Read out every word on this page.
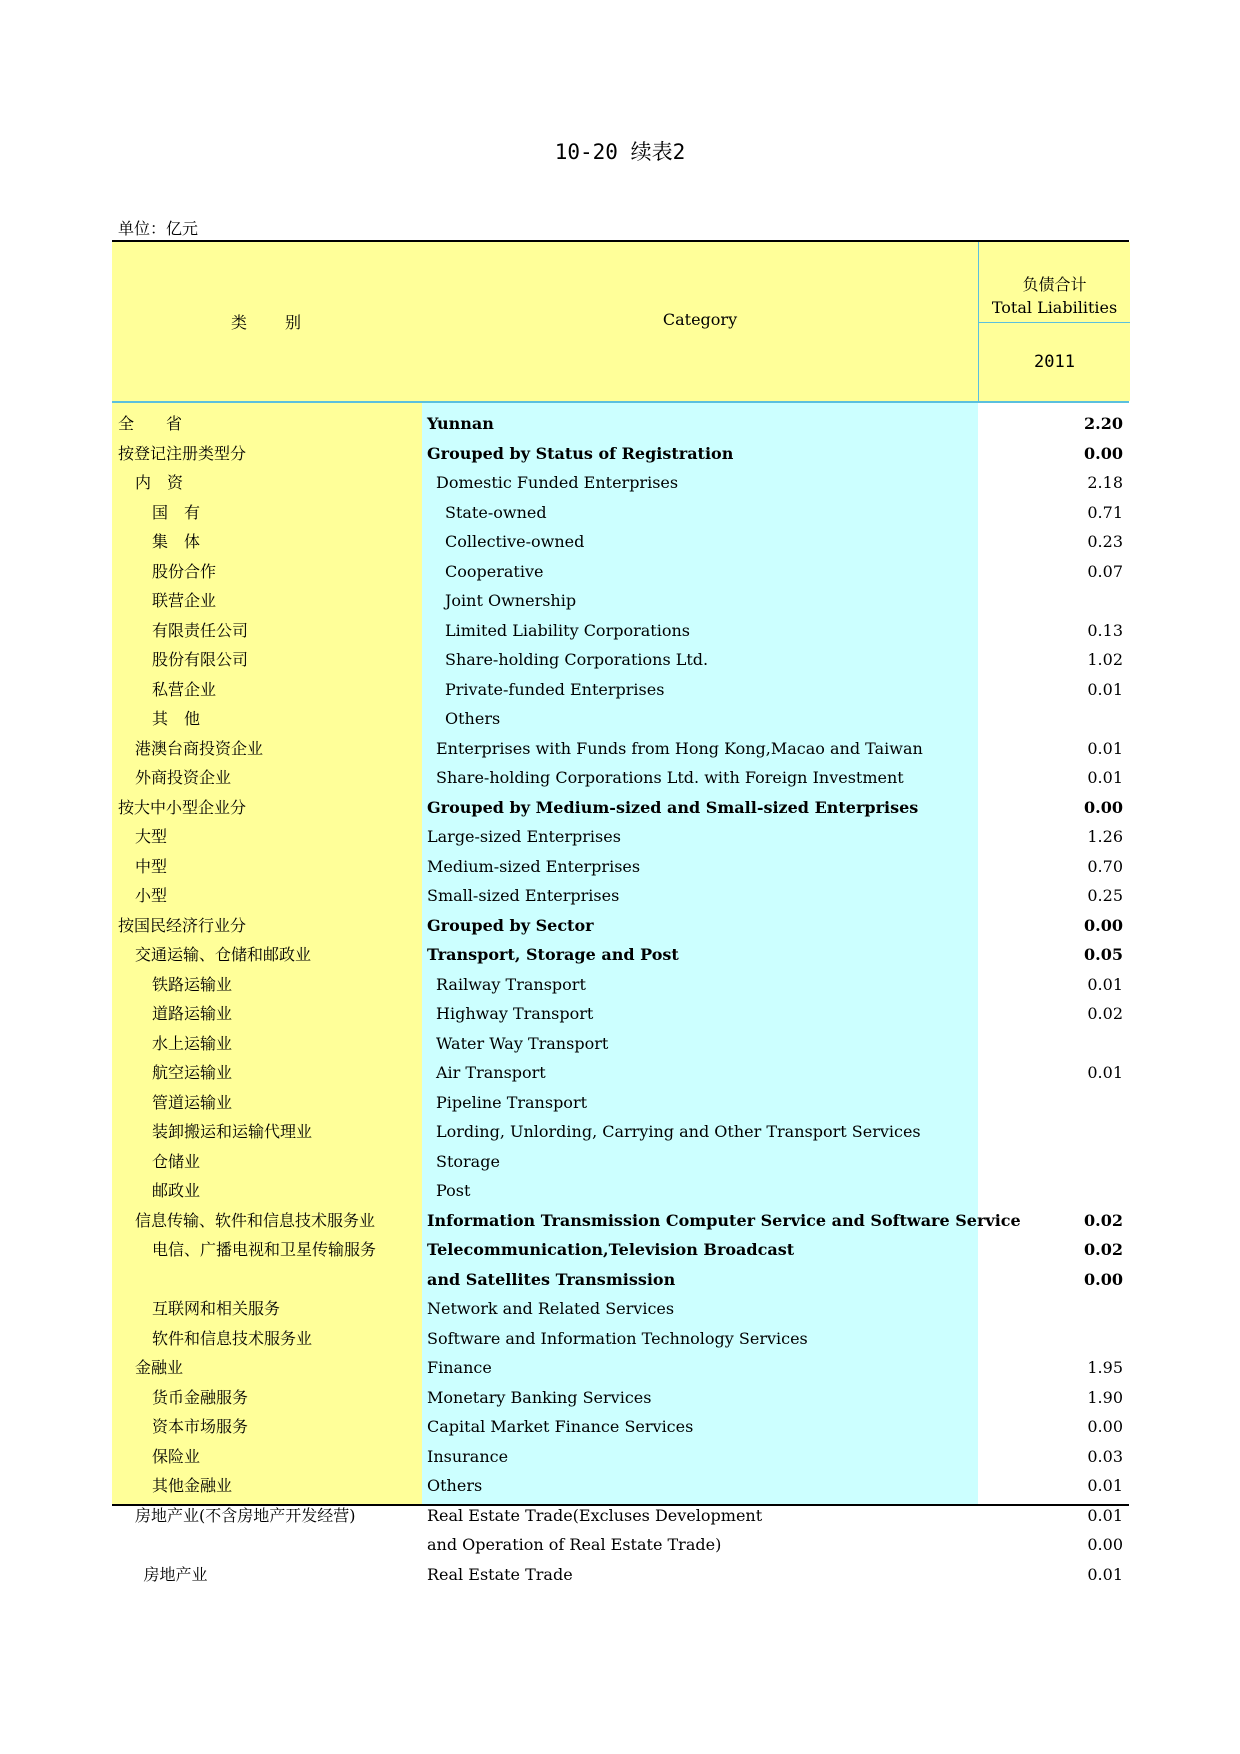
10-20 续表2
单位：亿元
类　　别	Category
负债合计
Total Liabilities
2011
全　　省	Yunnan	2.20
按登记注册类型分	Grouped by Status of Registration	0.00
内　资	Domestic Funded Enterprises	2.18
国　有	State-owned	0.71
集　体	Collective-owned	0.23
股份合作	Cooperative	0.07
联营企业	Joint Ownership
有限责任公司	Limited Liability Corporations	0.13
股份有限公司	Share-holding Corporations Ltd.	1.02
私营企业	Private-funded Enterprises	0.01
其　他	Others
港澳台商投资企业	Enterprises with Funds from Hong Kong,Macao and Taiwan	0.01
外商投资企业	Share-holding Corporations Ltd. with Foreign Investment	0.01
按大中小型企业分	Grouped by Medium-sized and Small-sized Enterprises	0.00
大型	Large-sized Enterprises	1.26
中型	Medium-sized Enterprises	0.70
小型	Small-sized Enterprises	0.25
按国民经济行业分	Grouped by Sector	0.00
交通运输、仓储和邮政业	Transport, Storage and Post	0.05
铁路运输业	Railway Transport	0.01
道路运输业	Highway Transport	0.02
水上运输业	Water Way Transport
航空运输业	Air Transport	0.01
管道运输业	Pipeline Transport
装卸搬运和运输代理业	Lording, Unlording, Carrying and Other Transport Services
仓储业	Storage
邮政业	Post
信息传输、软件和信息技术服务业	Information Transmission Computer Service and Software Service	0.02
电信、广播电视和卫星传输服务	Telecommunication,Television Broadcast	0.02
and Satellites Transmission	0.00
互联网和相关服务	Network and Related Services
软件和信息技术服务业	Software and Information Technology Services
金融业	Finance	1.95
货币金融服务	Monetary Banking Services	1.90
资本市场服务	Capital Market Finance Services	0.00
保险业	Insurance	0.03
其他金融业	Others	0.01
房地产业(不含房地产开发经营)	Real Estate Trade(Excluses Development	0.01
and Operation of Real Estate Trade)	0.00
房地产业	Real Estate Trade	0.01
